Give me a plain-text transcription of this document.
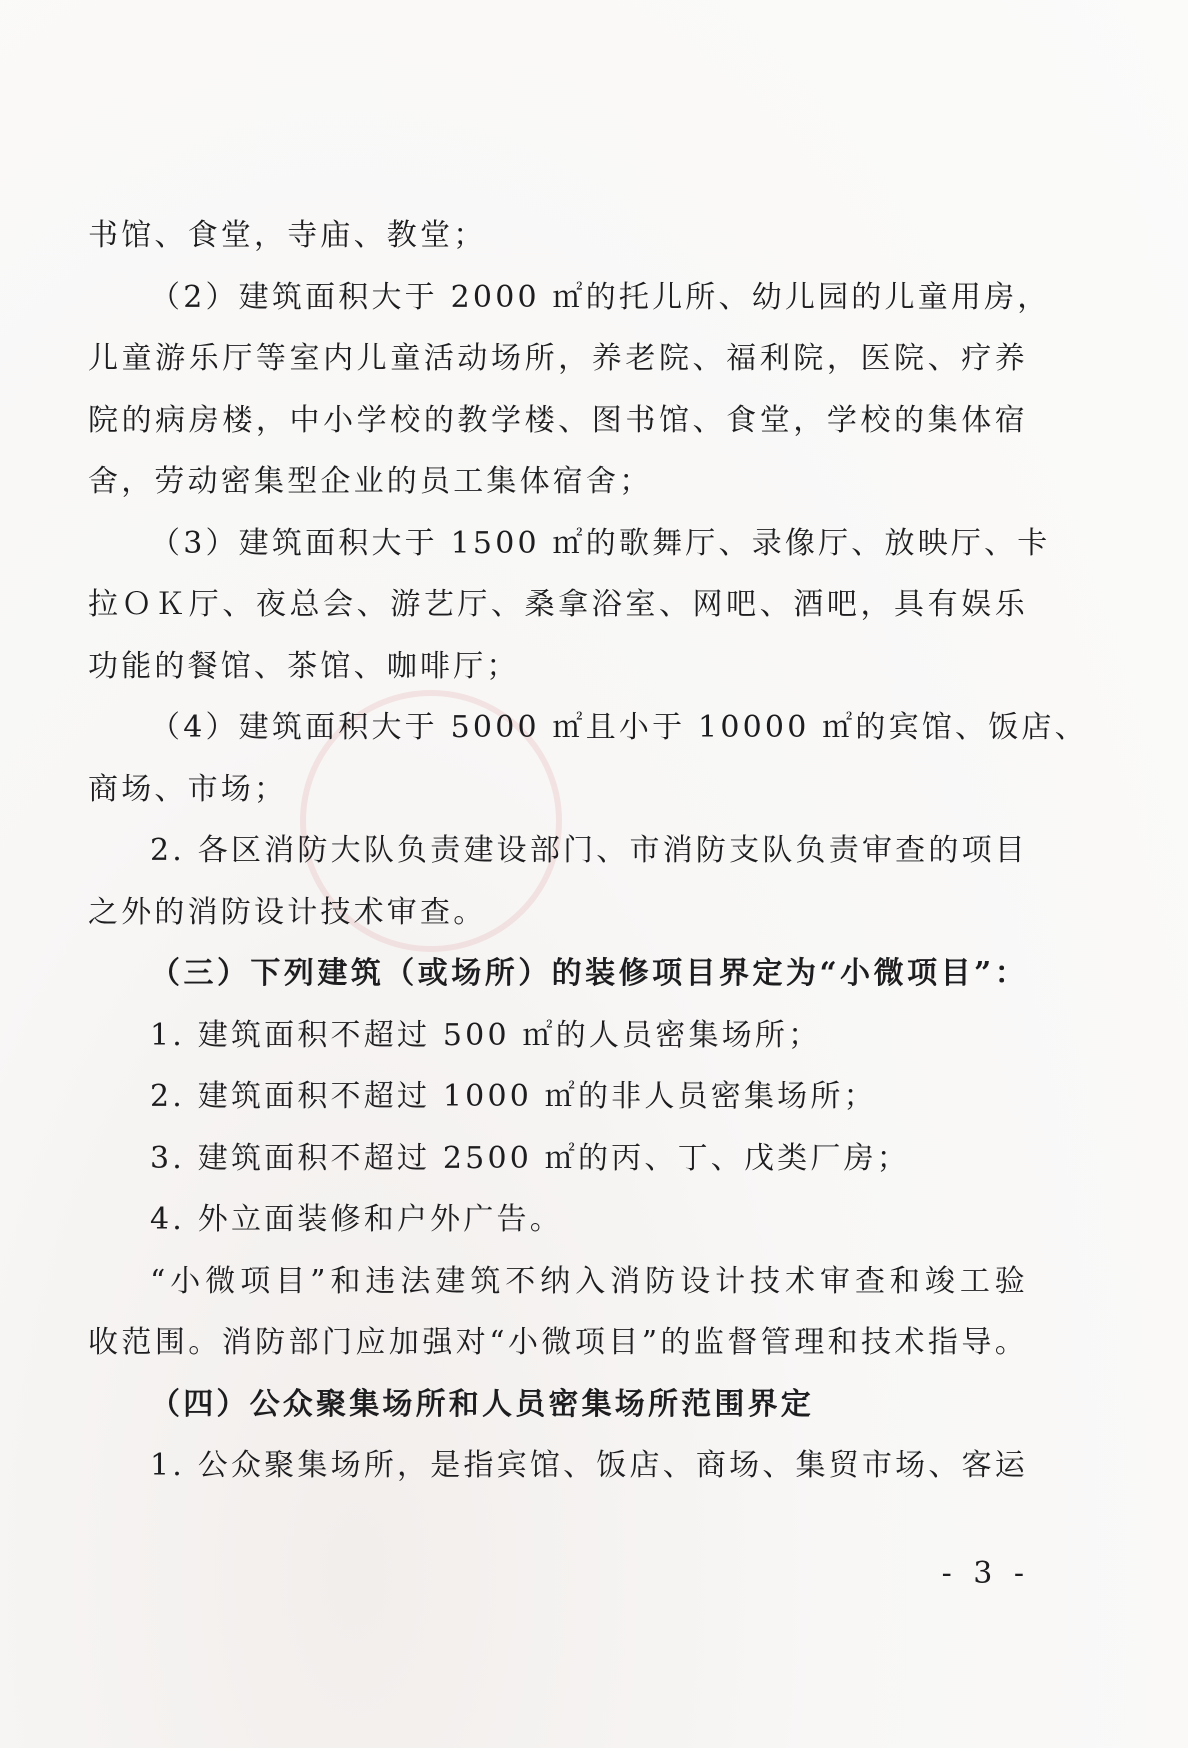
书馆、食堂，寺庙、教堂；
（2）建筑面积大于 2000 ㎡的托儿所、幼儿园的儿童用房，
儿童游乐厅等室内儿童活动场所，养老院、福利院，医院、疗养
院的病房楼，中小学校的教学楼、图书馆、食堂，学校的集体宿
舍，劳动密集型企业的员工集体宿舍；
（3）建筑面积大于 1500 ㎡的歌舞厅、录像厅、放映厅、卡
拉ＯＫ厅、夜总会、游艺厅、桑拿浴室、网吧、酒吧，具有娱乐
功能的餐馆、茶馆、咖啡厅；
（4）建筑面积大于 5000 ㎡且小于 10000 ㎡的宾馆、饭店、
商场、市场；
2. 各区消防大队负责建设部门、市消防支队负责审查的项目
之外的消防设计技术审查。
（三）下列建筑（或场所）的装修项目界定为“小微项目”：
1. 建筑面积不超过 500 ㎡的人员密集场所；
2. 建筑面积不超过 1000 ㎡的非人员密集场所；
3. 建筑面积不超过 2500 ㎡的丙、丁、戊类厂房；
4. 外立面装修和户外广告。
“小微项目”和违法建筑不纳入消防设计技术审查和竣工验
收范围。消防部门应加强对“小微项目”的监督管理和技术指导。
（四）公众聚集场所和人员密集场所范围界定
1. 公众聚集场所，是指宾馆、饭店、商场、集贸市场、客运
- 3 -
